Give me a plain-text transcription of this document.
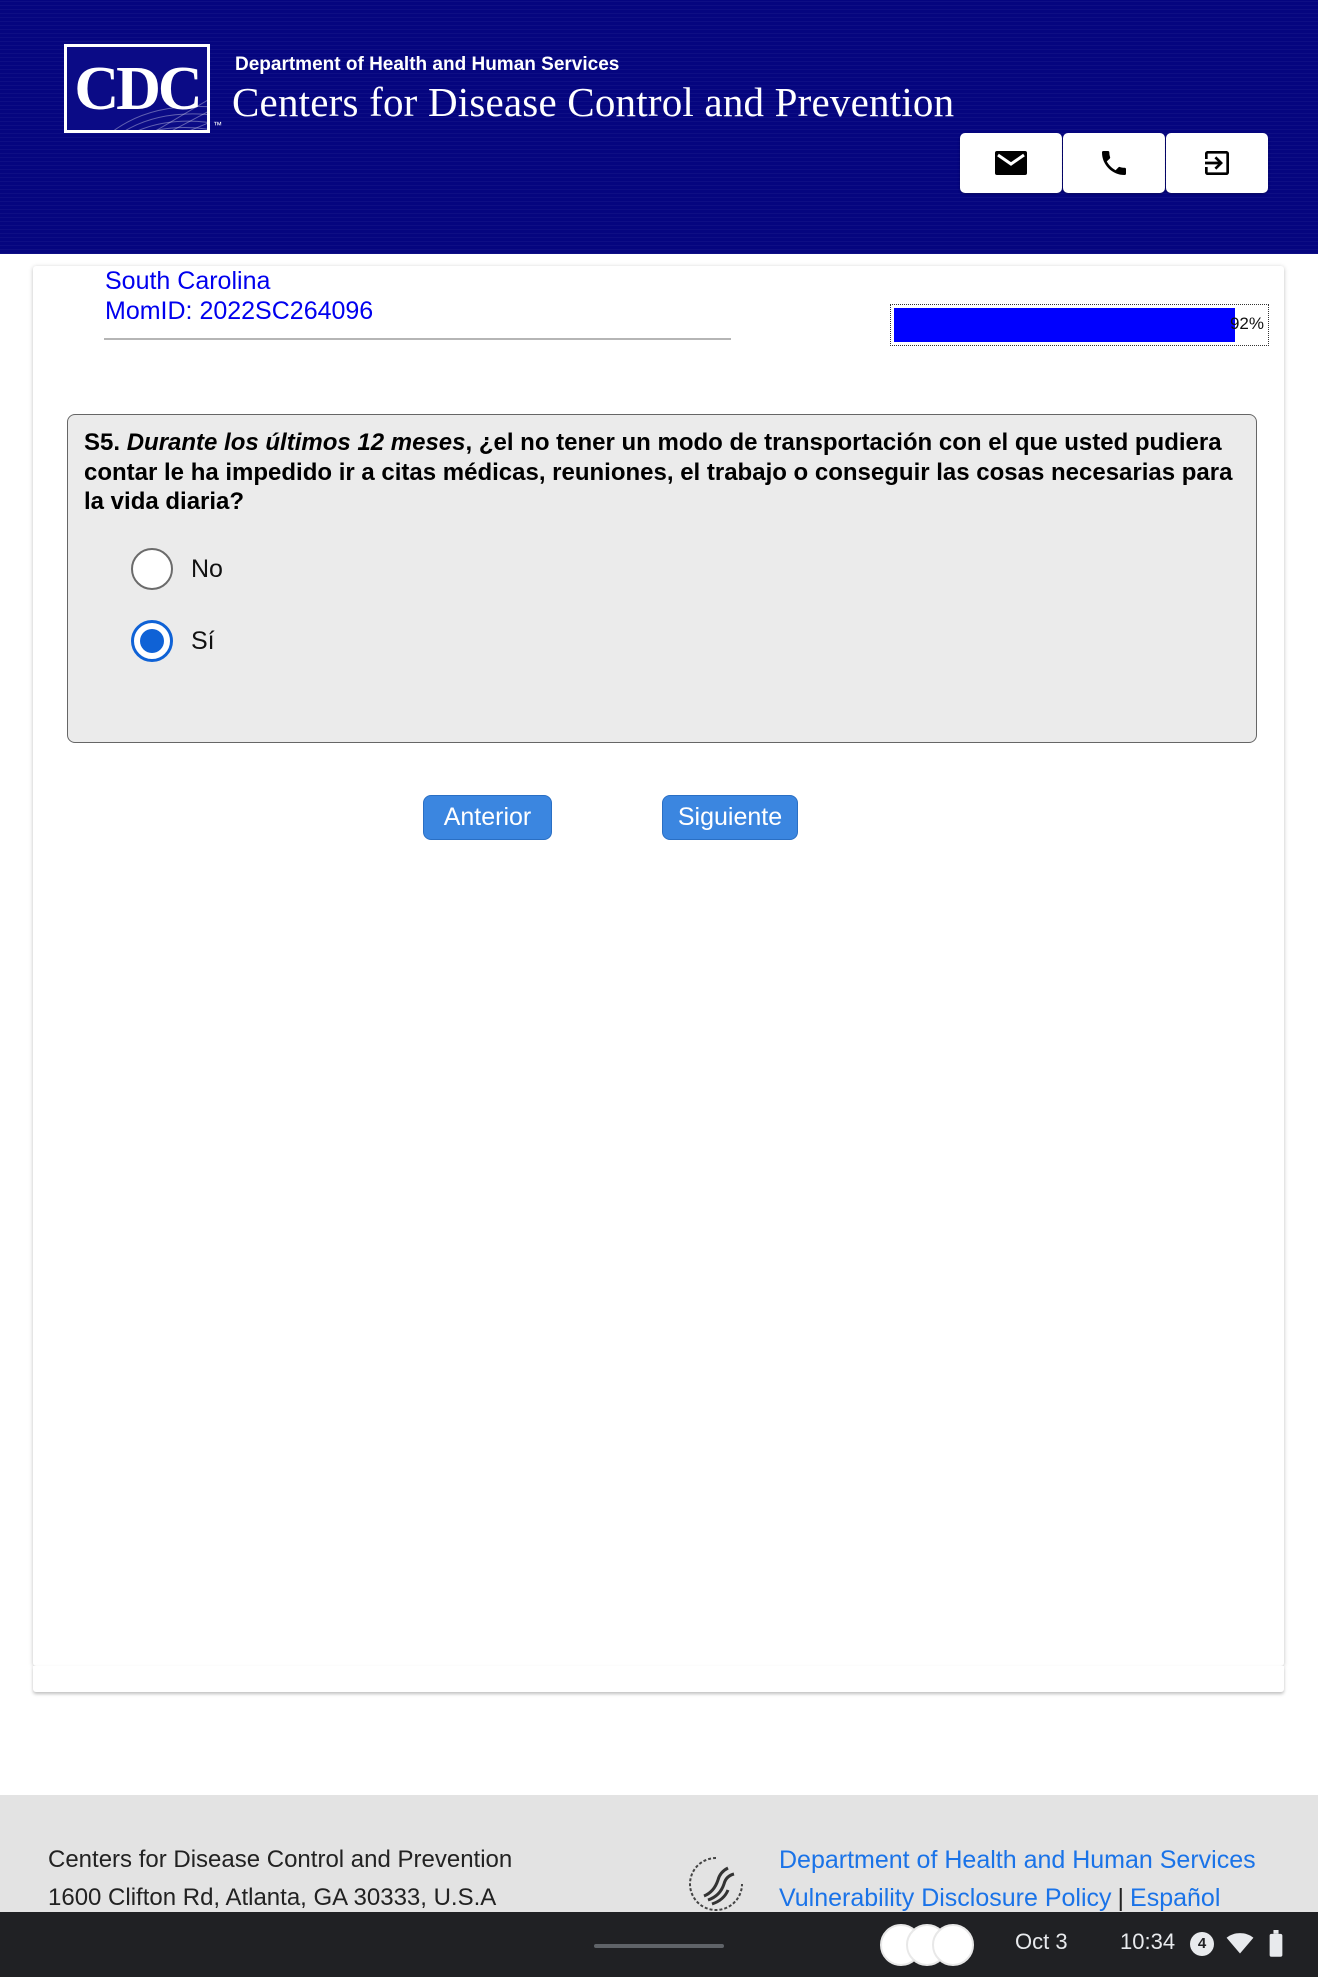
CDC
™
Department of Health and Human Services
Centers for Disease Control and Prevention
South Carolina
MomID: 2022SC264096	92%
S5. Durante los últimos 12 meses, ¿el no tener un modo de transportación con el que usted pudiera contar le ha impedido ir a citas médicas, reuniones, el trabajo o conseguir las cosas necesarias para la vida diaria?
No
Sí
Anterior	Siguiente
Centers for Disease Control and Prevention
1600 Clifton Rd, Atlanta, GA 30333, U.S.A
Department of Health and Human Services
Vulnerability Disclosure Policy | Español
Oct 3 10:34	4
